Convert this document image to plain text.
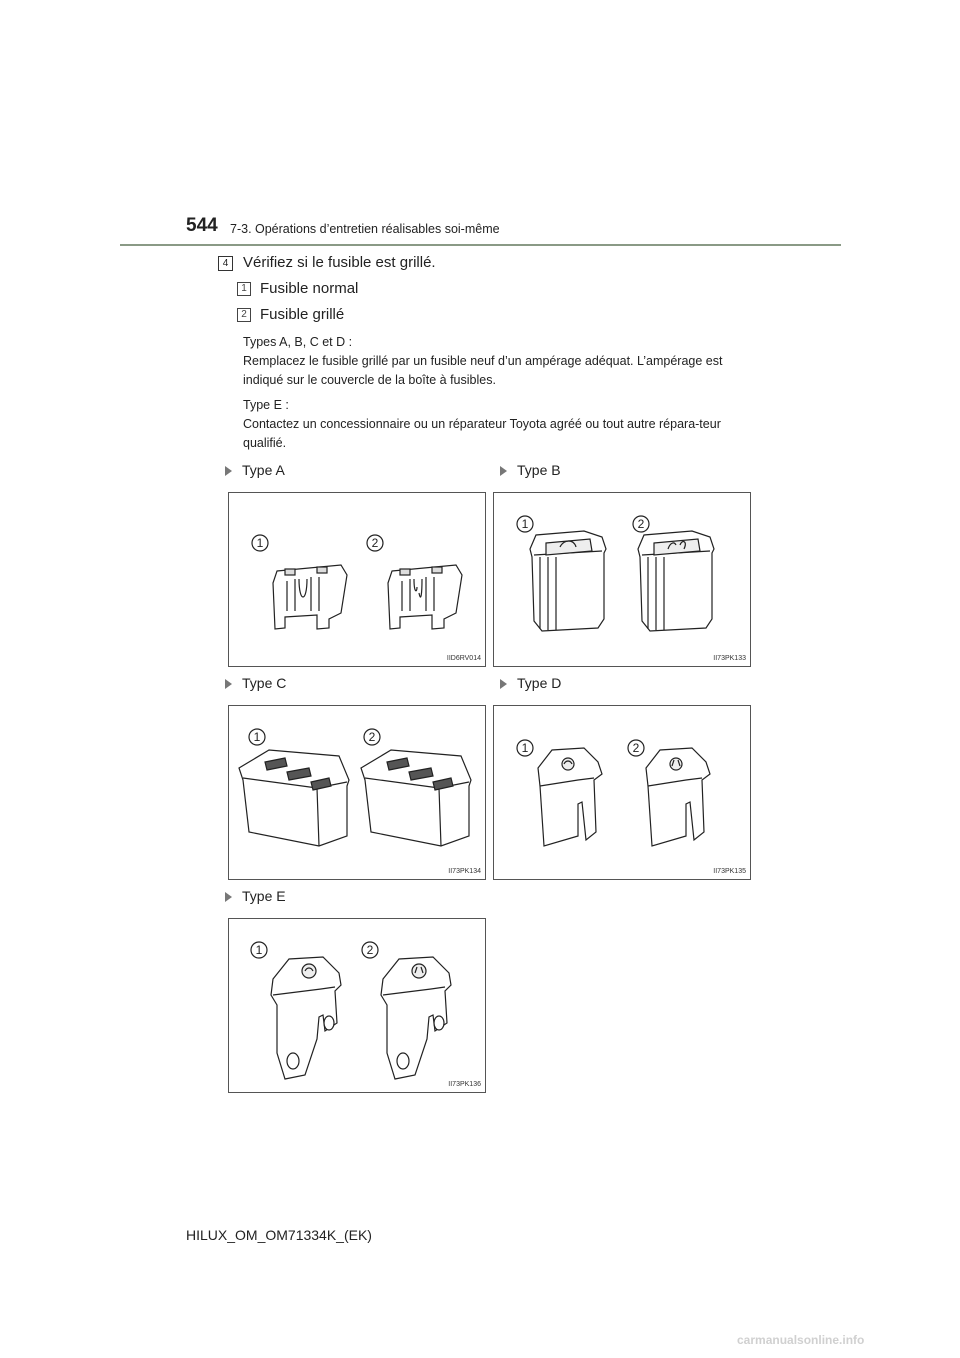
544 7-3. Opérations d’entretien réalisables soi-même
4 Vérifiez si le fusible est grillé.
1 Fusible normal
2 Fusible grillé
Types A, B, C et D :
Remplacez le fusible grillé par un fusible neuf d’un ampérage adéquat. L’ampérage est indiqué sur le couvercle de la boîte à fusibles.
Type E :
Contactez un concessionnaire ou un réparateur Toyota agréé ou tout autre répara-teur qualifié.
Type A	Type B
Type C	Type D
Type E
1	2
IID6RV014
1	2
II73PK133
1	2
II73PK134
1	2
II73PK135
1	2
II73PK136
HILUX_OM_OM71334K_(EK)
carmanualsonline.info
